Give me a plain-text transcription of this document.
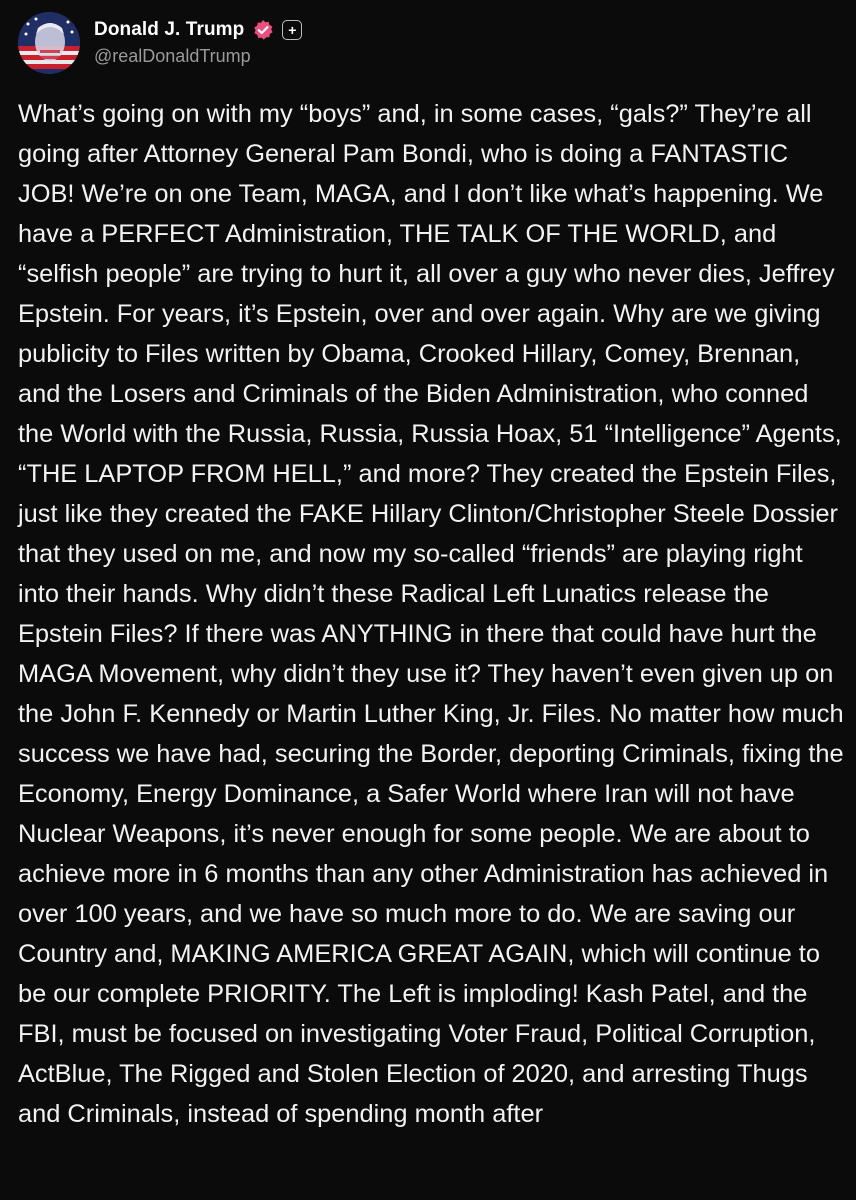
Donald J. Trump	+
@realDonaldTrump
What’s going on with my “boys” and, in some cases, “gals?” They’re all going after Attorney General Pam Bondi, who is doing a FANTASTIC JOB! We’re on one Team, MAGA, and I don’t like what’s happening. We have a PERFECT Administration, THE TALK OF THE WORLD, and “selfish people” are trying to hurt it, all over a guy who never dies, Jeffrey Epstein. For years, it’s Epstein, over and over again. Why are we giving publicity to Files written by Obama, Crooked Hillary, Comey, Brennan, and the Losers and Criminals of the Biden Administration, who conned the World with the Russia, Russia, Russia Hoax, 51 “Intelligence” Agents, “THE LAPTOP FROM HELL,” and more? They created the Epstein Files, just like they created the FAKE Hillary Clinton/Christopher Steele Dossier that they used on me, and now my so-called “friends” are playing right into their hands. Why didn’t these Radical Left Lunatics release the Epstein Files? If there was ANYTHING in there that could have hurt the MAGA Movement, why didn’t they use it? They haven’t even given up on the John F. Kennedy or Martin Luther King, Jr. Files. No matter how much success we have had, securing the Border, deporting Criminals, fixing the Economy, Energy Dominance, a Safer World where Iran will not have Nuclear Weapons, it’s never enough for some people. We are about to achieve more in 6 months than any other Administration has achieved in over 100 years, and we have so much more to do. We are saving our Country and, MAKING AMERICA GREAT AGAIN, which will continue to be our complete PRIORITY. The Left is imploding! Kash Patel, and the FBI, must be focused on investigating Voter Fraud, Political Corruption, ActBlue, The Rigged and Stolen Election of 2020, and arresting Thugs and Criminals, instead of spending month after
